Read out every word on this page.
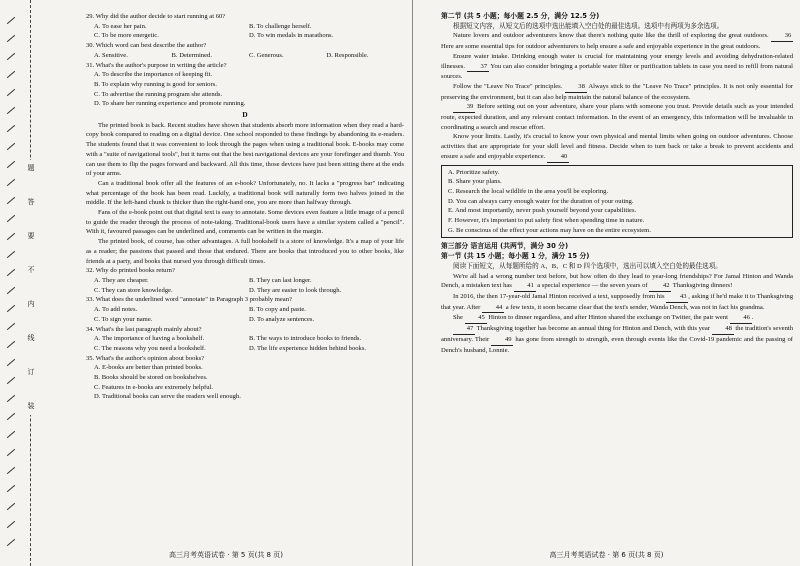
题
答
要
不
内
线
订
装

29. Why did the author decide to start running at 60?

A. To ease her pain.	B. To challenge herself.
C. To be more energetic.	D. To win medals in marathons.

30. Which word can best describe the author?

A. Sensitive.	B. Determined.	C. Generous.	D. Responsible.

31. What's the author's purpose in writing the article?

A. To describe the importance of keeping fit.
B. To explain why running is good for seniors.
C. To advertise the running program she attends.
D. To share her running experience and promote running.
D

The printed book is back. Recent studies have shown that students absorb more information when they read a hard-copy book compared to reading on a digital device. One school responded to these findings by abandoning its e-readers. The students found that it was convenient to look through the pages when using a traditional book. E-books may come with a "suite of navigational tools", but it turns out that the best navigational devices are your forefinger and thumb. You can use them to flip the pages forward and backward. All this time, those devices have just been sitting there at the ends of your arms.

Can a traditional book offer all the features of an e-book? Unfortunately, no. It lacks a "progress bar" indicating what percentage of the book has been read. Luckily, a traditional book will naturally form two halves joined in the middle. If the left-hand chunk is thicker than the right-hand one, you are more than halfway through.

Fans of the e-book point out that digital text is easy to annotate. Some devices even feature a little image of a pencil to guide the reader through the process of note-taking. Traditional-book users have a similar system called a "pencil". With it, favoured passages can be underlined and, comments can be written in the margin.

The printed book, of course, has other advantages. A full bookshelf is a store of knowledge. It's a map of your life as a reader; the passions that passed and those that endured. There are books that introduced you to other books, like friends at a party, and books that nursed you through difficult times.

32. Why do printed books return?

A. They are cheaper.	B. They can last longer.
C. They can store knowledge.	D. They are easier to look through.

33. What does the underlined word "annotate" in Paragraph 3 probably mean?

A. To add notes.	B. To copy and paste.
C. To sign your name.	D. To analyze sentences.

34. What's the last paragraph mainly about?

A. The importance of having a bookshelf.	B. The ways to introduce books to friends.
C. The reasons why you need a bookshelf.	D. The life experience hidden behind books.

35. What's the author's opinion about books?

A. E-books are better than printed books.
B. Books should be stored on bookshelves.
C. Features in e-books are extremely helpful.
D. Traditional books can serve the readers well enough.
高三月考英语试卷 · 第 5 页(共 8 页)

第二节 (共 5 小题；每小题 2.5 分，满分 12.5 分)

根据短文内容，从短文后的选项中选出能填入空白处的最佳选项。选项中有两项为多余选项。

Nature lovers and outdoor adventurers know that there's nothing quite like the thrill of exploring the great outdoors. 36 Here are some essential tips for outdoor adventurers to help ensure a safe and enjoyable experience in the great outdoors.

Ensure water intake. Drinking enough water is crucial for maintaining your energy levels and avoiding dehydration-related illnesses. 37 You can also consider bringing a portable water filter or purification tablets in case you need to refill from natural sources.

Follow the "Leave No Trace" principles. 38 Always stick to the "Leave No Trace" principles. It is not only essential for preserving the environment, but it can also help maintain the natural balance of the ecosystem.

39 Before setting out on your adventure, share your plans with someone you trust. Provide details such as your intended route, expected duration, and any relevant contact information. In the event of an emergency, this information will be invaluable in coordinating a search and rescue effort.

Know your limits. Lastly, it's crucial to know your own physical and mental limits when going on outdoor adventures. Choose activities that are appropriate for your skill level and fitness. Decide when to turn back or take a break to prevent accidents and ensure a safe and enjoyable experience. 40

A. Prioritize safety.
B. Share your plans.
C. Research the local wildlife in the area you'll be exploring.
D. You can always carry enough water for the duration of your outing.
E. And most importantly, never push yourself beyond your capabilities.
F. However, it's important to put safety first when spending time in nature.
G. Be conscious of the effect your actions may have on the entire ecosystem.

第三部分 语言运用 (共两节，满分 30 分)

第一节 (共 15 小题；每小题 1 分，满分 15 分)

阅读下面短文，从每题所给的 A、B、C 和 D 四个选项中，选出可以填入空白处的最佳选项。

We're all had a wrong number text before, but how often do they lead to year-long friendships? For Jamal Hinton and Wanda Dench, a mistaken text has 41 a special experience — the seven years of 42 Thanksgiving dinners!

In 2016, the then 17-year-old Jamal Hinton received a text, supposedly from his 43 , asking if he'd make it to Thanksgiving that year. After 44 a few texts, it soon became clear that the text's sender, Wanda Dench, was not in fact his grandma.

She 45 Hinton to dinner regardless, and after Hinton shared the exchange on Twitter, the pair went 46 .

47 Thanksgiving together has become an annual thing for Hinton and Dench, with this year 48 the tradition's seventh anniversary. Their 49 has gone from strength to strength, even through events like the Covid-19 pandemic and the passing of Dench's husband, Lonnie.

高三月考英语试卷 · 第 6 页(共 8 页)
